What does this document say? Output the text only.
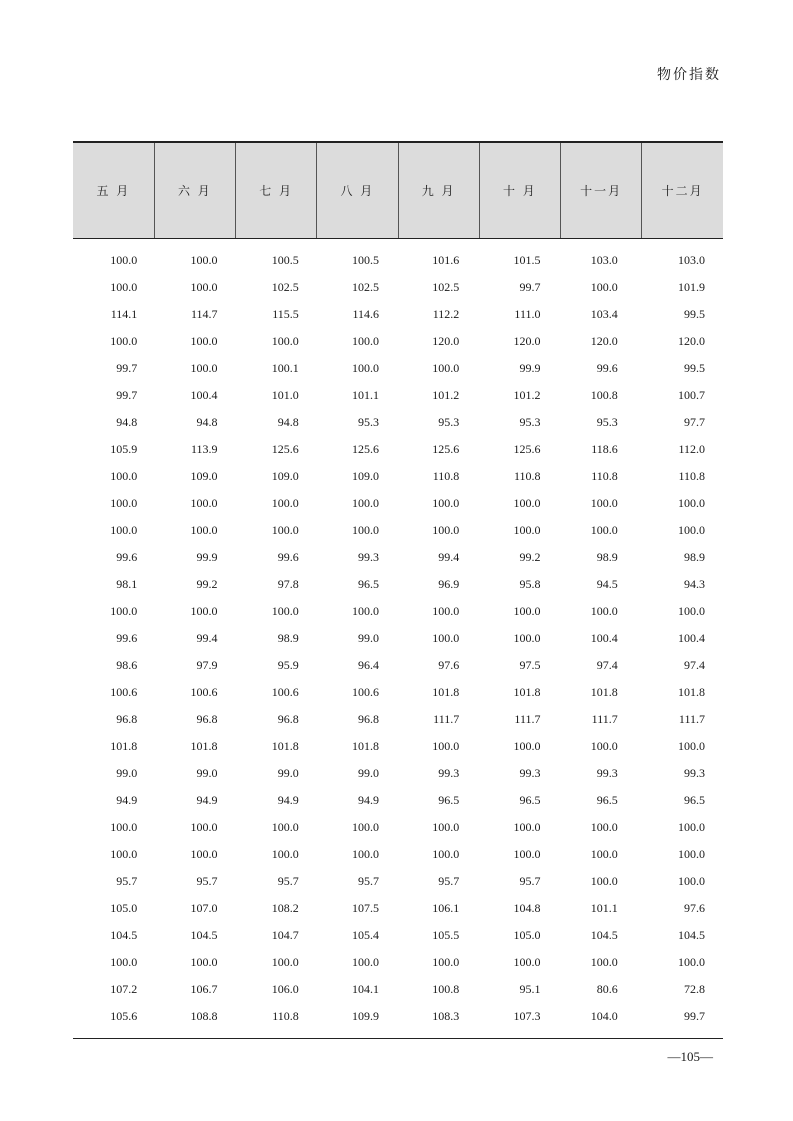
物价指数
五 月	六 月	七 月	八 月	九 月	十 月	十一月	十二月
100.0	100.0	100.5	100.5	101.6	101.5	103.0	103.0
100.0	100.0	102.5	102.5	102.5	99.7	100.0	101.9
114.1	114.7	115.5	114.6	112.2	111.0	103.4	99.5
100.0	100.0	100.0	100.0	120.0	120.0	120.0	120.0
99.7	100.0	100.1	100.0	100.0	99.9	99.6	99.5
99.7	100.4	101.0	101.1	101.2	101.2	100.8	100.7
94.8	94.8	94.8	95.3	95.3	95.3	95.3	97.7
105.9	113.9	125.6	125.6	125.6	125.6	118.6	112.0
100.0	109.0	109.0	109.0	110.8	110.8	110.8	110.8
100.0	100.0	100.0	100.0	100.0	100.0	100.0	100.0
100.0	100.0	100.0	100.0	100.0	100.0	100.0	100.0
99.6	99.9	99.6	99.3	99.4	99.2	98.9	98.9
98.1	99.2	97.8	96.5	96.9	95.8	94.5	94.3
100.0	100.0	100.0	100.0	100.0	100.0	100.0	100.0
99.6	99.4	98.9	99.0	100.0	100.0	100.4	100.4
98.6	97.9	95.9	96.4	97.6	97.5	97.4	97.4
100.6	100.6	100.6	100.6	101.8	101.8	101.8	101.8
96.8	96.8	96.8	96.8	111.7	111.7	111.7	111.7
101.8	101.8	101.8	101.8	100.0	100.0	100.0	100.0
99.0	99.0	99.0	99.0	99.3	99.3	99.3	99.3
94.9	94.9	94.9	94.9	96.5	96.5	96.5	96.5
100.0	100.0	100.0	100.0	100.0	100.0	100.0	100.0
100.0	100.0	100.0	100.0	100.0	100.0	100.0	100.0
95.7	95.7	95.7	95.7	95.7	95.7	100.0	100.0
105.0	107.0	108.2	107.5	106.1	104.8	101.1	97.6
104.5	104.5	104.7	105.4	105.5	105.0	104.5	104.5
100.0	100.0	100.0	100.0	100.0	100.0	100.0	100.0
107.2	106.7	106.0	104.1	100.8	95.1	80.6	72.8
105.6	108.8	110.8	109.9	108.3	107.3	104.0	99.7
—105—
